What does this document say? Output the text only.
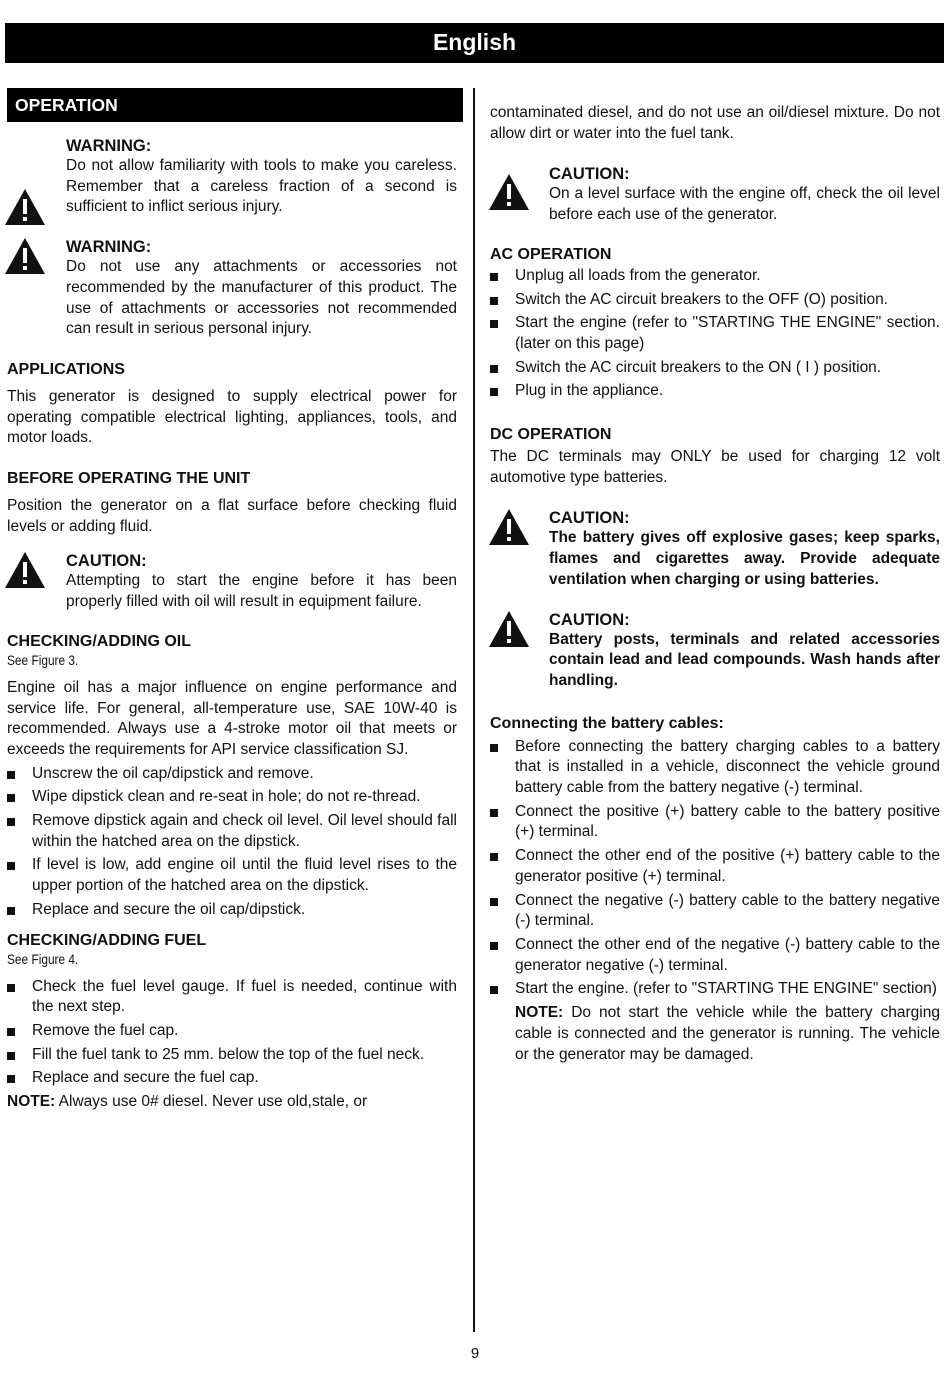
English
OPERATION
WARNING:
Do not allow familiarity with tools to make you careless. Remember that a careless fraction of a second is sufficient to inflict serious injury.
WARNING:
Do not use any attachments or accessories not recommended by the manufacturer of this product. The use of attachments or accessories not recommended can result in serious personal injury.
APPLICATIONS

This generator is designed to supply electrical power for operating compatible electrical lighting, appliances, tools, and motor loads.

BEFORE OPERATING THE UNIT

Position the generator on a flat surface before checking fluid levels or adding fluid.

CAUTION:
Attempting to start the engine before it has been properly filled with oil will result in equipment failure.
CHECKING/ADDING OIL
See Figure 3.

Engine oil has a major influence on engine performance and service life. For general, all-temperature use, SAE 10W-40 is recommended. Always use a 4-stroke motor oil that meets or exceeds the requirements for API service classification SJ.

Unscrew the oil cap/dipstick and remove.
Wipe dipstick clean and re-seat in hole; do not re-thread.
Remove dipstick again and check oil level. Oil level should fall within the hatched area on the dipstick.
If level is low, add engine oil until the fluid level rises to the upper portion of the hatched area on the dipstick.
Replace and secure the oil cap/dipstick.
CHECKING/ADDING FUEL
See Figure 4.
Check the fuel level gauge. If fuel is needed, continue with the next step.
Remove the fuel cap.
Fill the fuel tank to 25 mm. below the top of the fuel neck.
Replace and secure the fuel cap.

NOTE: Always use 0# diesel. Never use old,stale, or

contaminated diesel, and do not use an oil/diesel mixture. Do not allow dirt or water into the fuel tank.

CAUTION:
On a level surface with the engine off, check the oil level before each use of the generator.
AC OPERATION
Unplug all loads from the generator.
Switch the AC circuit breakers to the OFF (O) position.
Start the engine (refer to "STARTING THE ENGINE" section. (later on this page)
Switch the AC circuit breakers to the ON ( I ) position.
Plug in the appliance.
DC OPERATION

The DC terminals may ONLY be used for charging 12 volt automotive type batteries.

CAUTION:
The battery gives off explosive gases; keep sparks, flames and cigarettes away. Provide adequate ventilation when charging or using batteries.
CAUTION:
Battery posts, terminals and related accessories contain lead and lead compounds. Wash hands after handling.
Connecting the battery cables:
Before connecting the battery charging cables to a battery that is installed in a vehicle, disconnect the vehicle ground battery cable from the battery negative (-) terminal.
Connect the positive (+) battery cable to the battery positive (+) terminal.
Connect the other end of the positive (+) battery cable to the generator positive (+) terminal.
Connect the negative (-) battery cable to the battery negative (-) terminal.
Connect the other end of the negative (-) battery cable to the generator negative (-) terminal.
Start the engine. (refer to "STARTING THE ENGINE" section)

NOTE: Do not start the vehicle while the battery charging cable is connected and the generator is running. The vehicle or the generator may be damaged.

9
